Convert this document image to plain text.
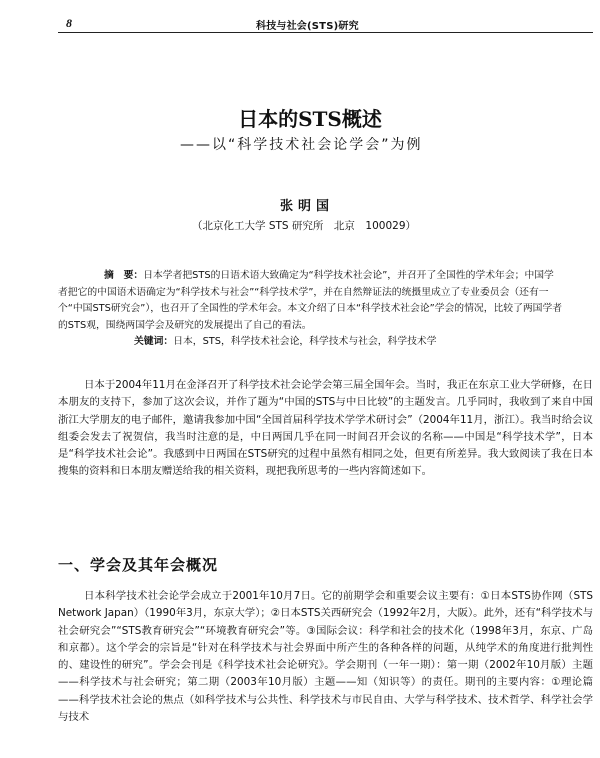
8	科技与社会(STS)研究
日本的STS概述
——以“科学技术社会论学会”为例
张明国
（北京化工大学 STS 研究所　北京　100029）

摘　要：日本学者把STS的日语术语大致确定为“科学技术社会论”，并召开了全国性的学术年会；中国学者把它的中国语术语确定为“科学技术与社会”“科学技术学”，并在自然辩证法的统摄里成立了专业委员会（还有一个“中国STS研究会”），也召开了全国性的学术年会。本文介绍了日本“科学技术社会论”学会的情况，比较了两国学者的STS观，围绕两国学会及研究的发展提出了自己的看法。

关键词：日本，STS，科学技术社会论，科学技术与社会，科学技术学

日本于2004年11月在金泽召开了科学技术社会论学会第三届全国年会。当时，我正在东京工业大学研修，在日本朋友的支持下，参加了这次会议，并作了题为“中国的STS与中日比较”的主题发言。几乎同时，我收到了来自中国浙江大学朋友的电子邮件，邀请我参加中国“全国首届科学技术学学术研讨会”（2004年11月，浙江）。我当时给会议组委会发去了祝贺信，我当时注意的是，中日两国几乎在同一时间召开会议的名称——中国是“科学技术学”，日本是“科学技术社会论”。我感到中日两国在STS研究的过程中虽然有相同之处，但更有所差异。我大致阅读了我在日本搜集的资料和日本朋友赠送给我的相关资料，现把我所思考的一些内容简述如下。

一、学会及其年会概况

日本科学技术社会论学会成立于2001年10月7日。它的前期学会和重要会议主要有：①日本STS协作网（STS Network Japan）（1990年3月，东京大学）；②日本STS关西研究会（1992年2月，大阪）。此外，还有“科学技术与社会研究会”“STS教育研究会”“环境教育研究会”等。③国际会议：科学和社会的技术化（1998年3月，东京、广岛和京都）。这个学会的宗旨是“针对在科学技术与社会界面中所产生的各种各样的问题，从纯学术的角度进行批判性的、建设性的研究”。学会会刊是《科学技术社会论研究》。学会期刊（一年一期）：第一期（2002年10月版）主题——科学技术与社会研究；第二期（2003年10月版）主题——知（知识等）的责任。期刊的主要内容：①理论篇——科学技术社会论的焦点（如科学技术与公共性、科学技术与市民自由、大学与科学技术、技术哲学、科学社会学与技术
